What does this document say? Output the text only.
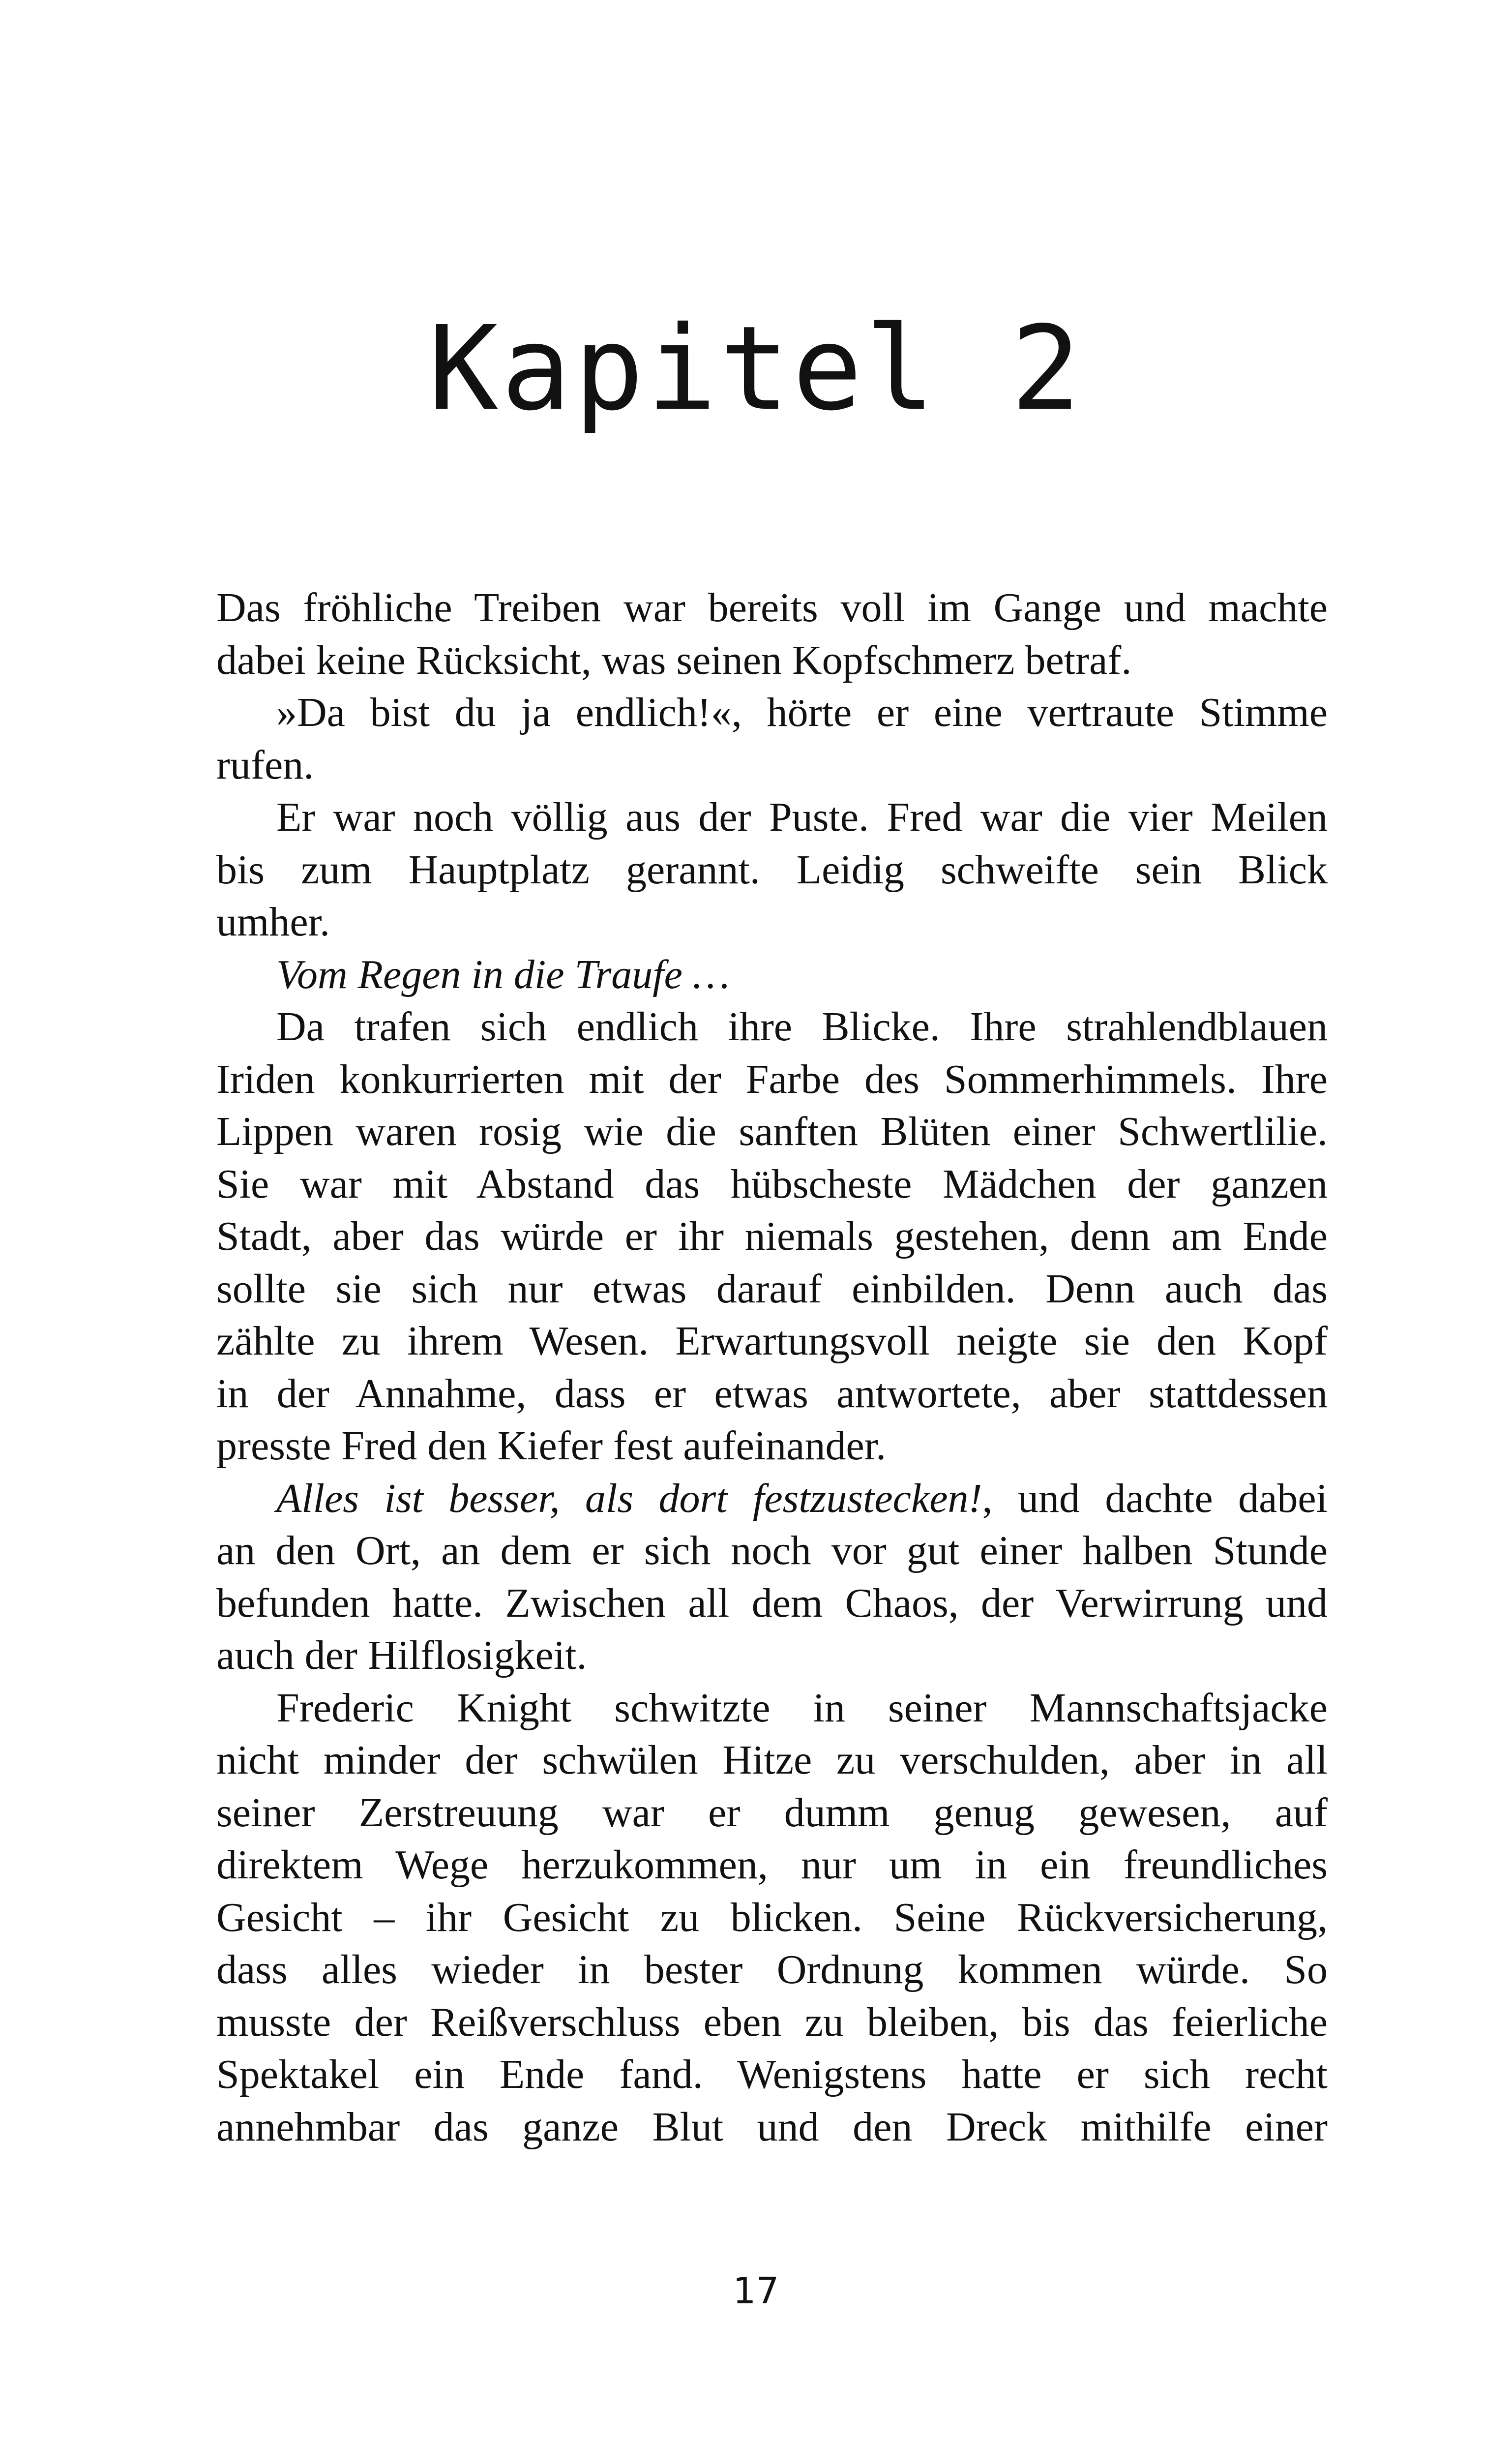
Kapitel 2
Das fröhliche Treiben war bereits voll im Gange und machte
dabei keine Rücksicht, was seinen Kopfschmerz betraf.
»Da bist du ja endlich!«, hörte er eine vertraute Stimme
rufen.
Er war noch völlig aus der Puste. Fred war die vier Meilen
bis zum Hauptplatz gerannt. Leidig schweifte sein Blick
umher.
Vom Regen in die Traufe …
Da trafen sich endlich ihre Blicke. Ihre strahlendblauen
Iriden konkurrierten mit der Farbe des Sommerhimmels. Ihre
Lippen waren rosig wie die sanften Blüten einer Schwertlilie.
Sie war mit Abstand das hübscheste Mädchen der ganzen
Stadt, aber das würde er ihr niemals gestehen, denn am Ende
sollte sie sich nur etwas darauf einbilden. Denn auch das
zählte zu ihrem Wesen. Erwartungsvoll neigte sie den Kopf
in der Annahme, dass er etwas antwortete, aber stattdessen
presste Fred den Kiefer fest aufeinander.
Alles ist besser, als dort festzustecken!, und dachte dabei
an den Ort, an dem er sich noch vor gut einer halben Stunde
befunden hatte. Zwischen all dem Chaos, der Verwirrung und
auch der Hilflosigkeit.
Frederic Knight schwitzte in seiner Mannschaftsjacke
nicht minder der schwülen Hitze zu verschulden, aber in all
seiner Zerstreuung war er dumm genug gewesen, auf
direktem Wege herzukommen, nur um in ein freundliches
Gesicht – ihr Gesicht zu blicken. Seine Rückversicherung,
dass alles wieder in bester Ordnung kommen würde. So
musste der Reißverschluss eben zu bleiben, bis das feierliche
Spektakel ein Ende fand. Wenigstens hatte er sich recht
annehmbar das ganze Blut und den Dreck mithilfe einer
17
